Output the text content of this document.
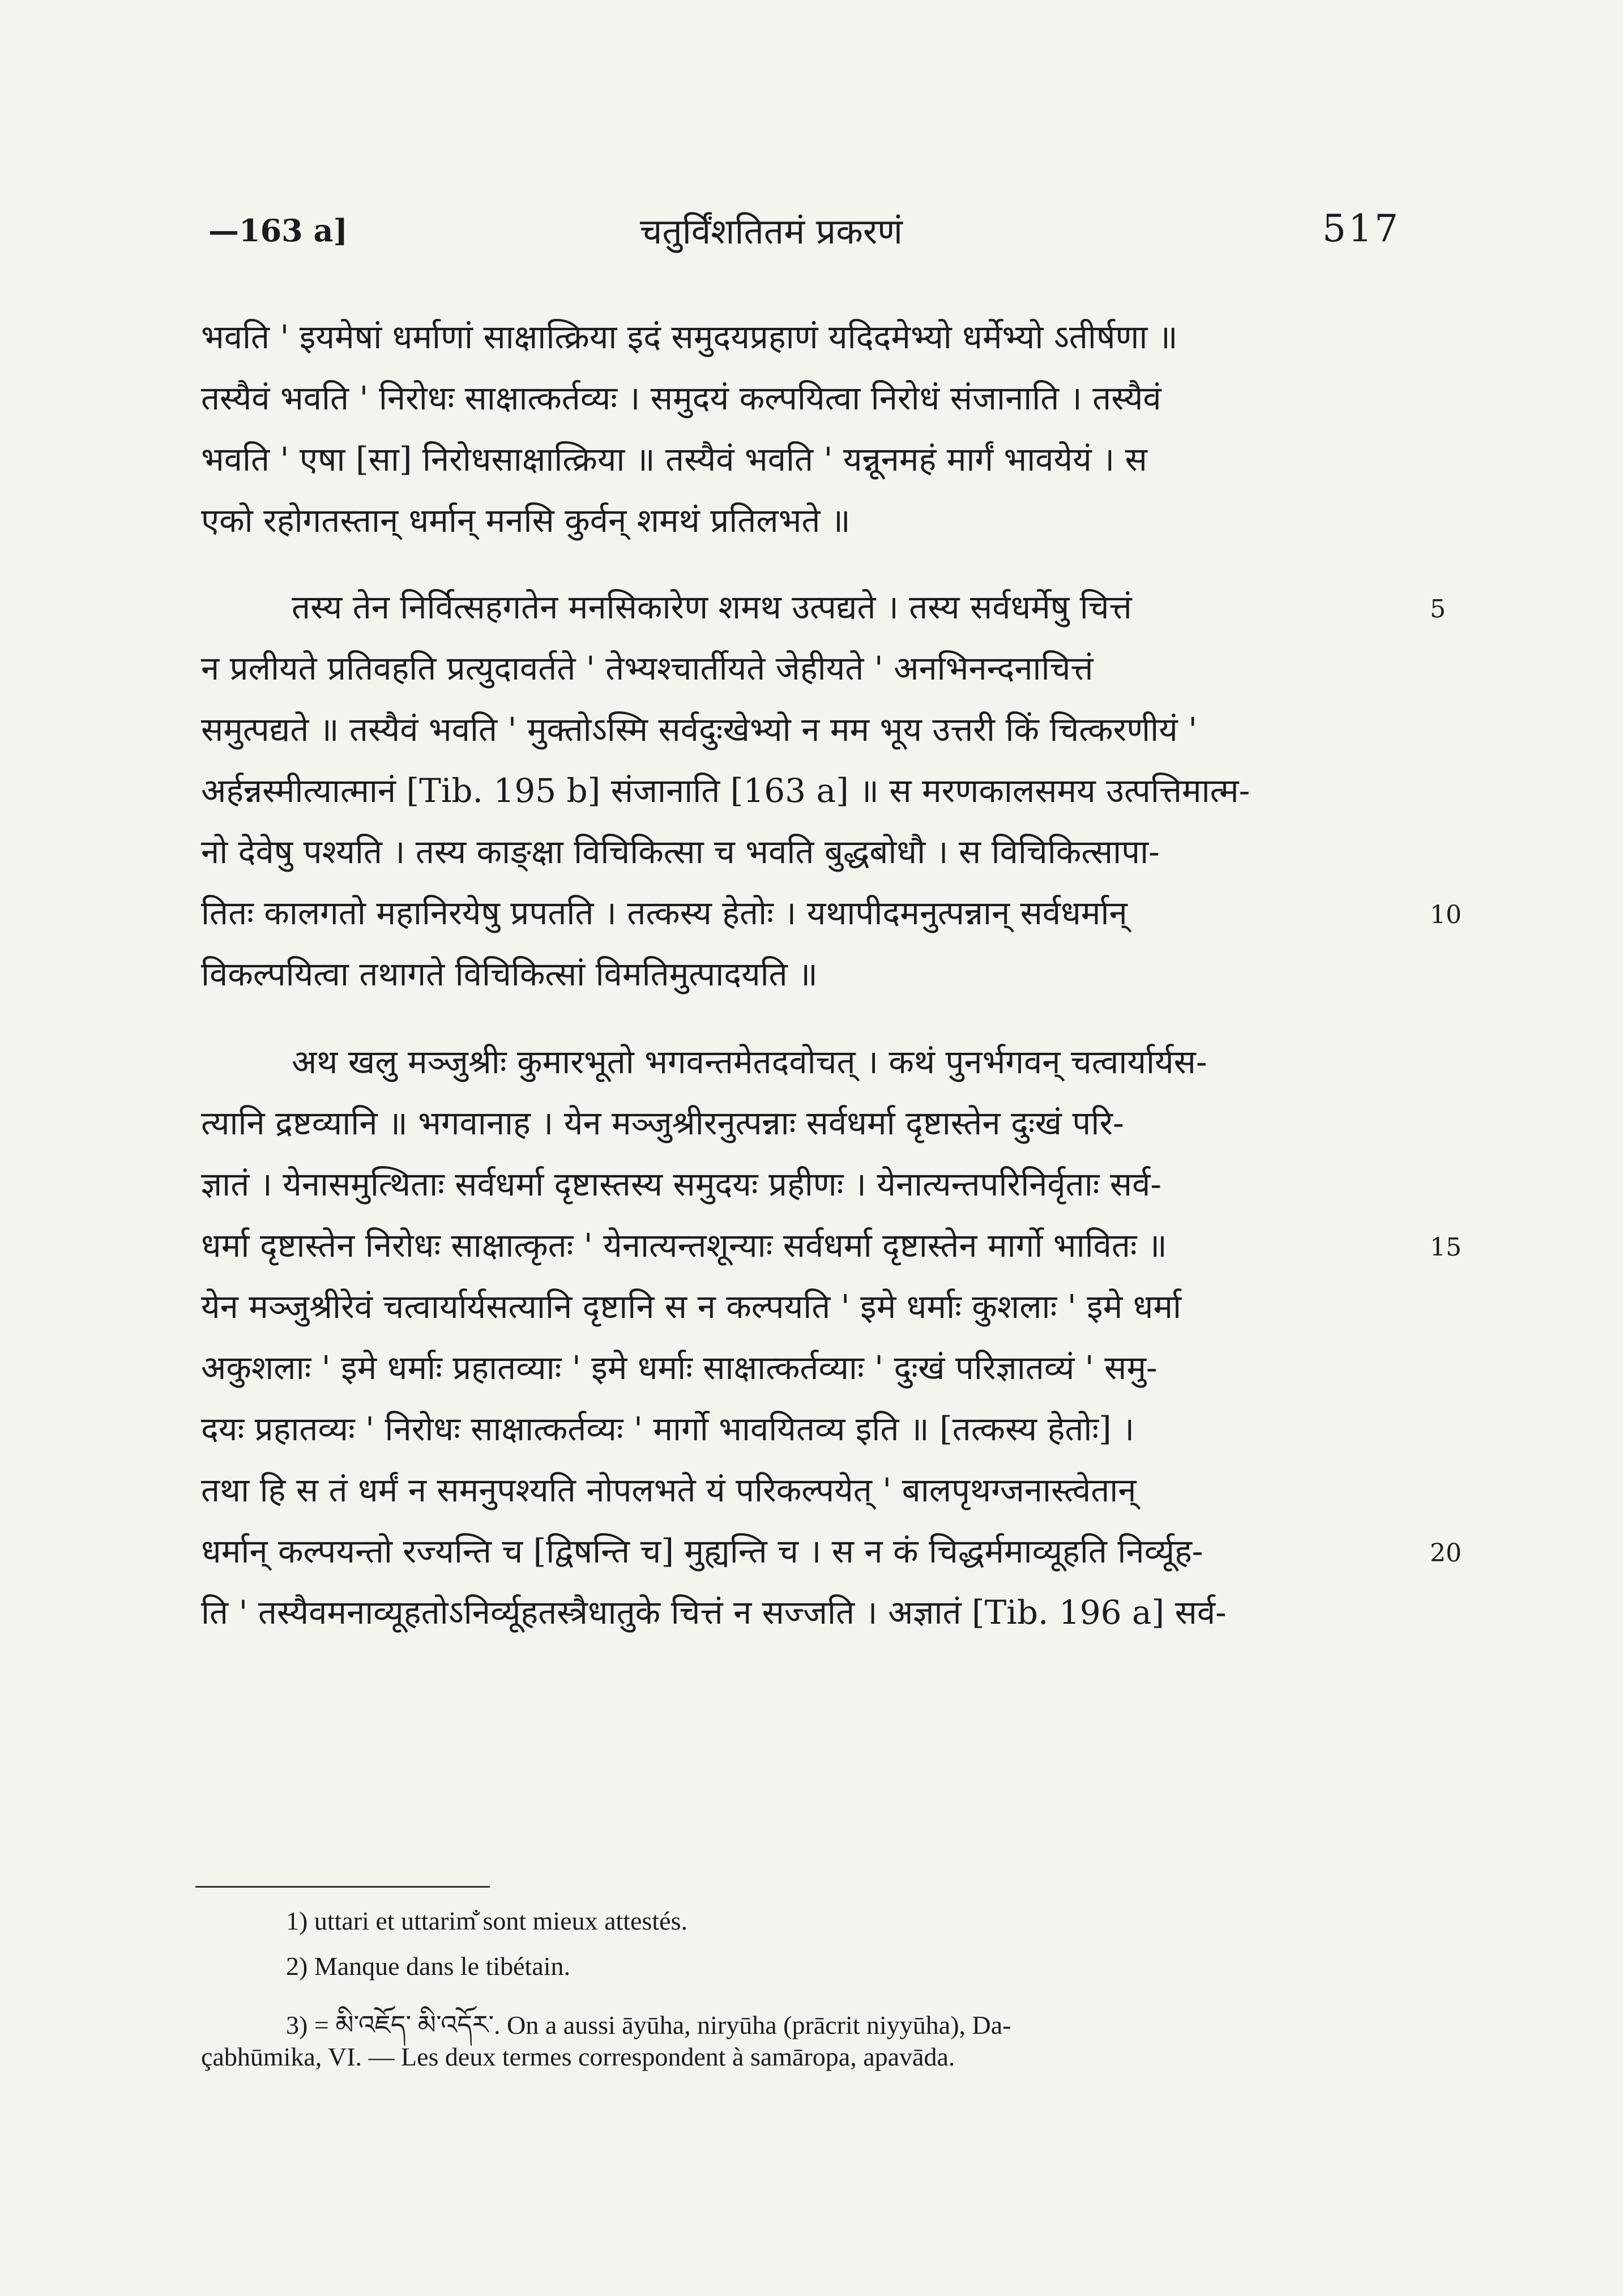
—163 a]	चतुर्विंशतितमं प्रकरणं	517
भवति ' इयमेषां धर्माणां साक्षात्क्रिया इदं समुदयप्रहाणं यदिदमेभ्यो धर्मेभ्यो ऽतीर्षणा ॥
तस्यैवं भवति ' निरोधः साक्षात्कर्तव्यः । समुदयं कल्पयित्वा निरोधं संजानाति । तस्यैवं
भवति ' एषा [सा] निरोधसाक्षात्क्रिया ॥ तस्यैवं भवति ' यन्नूनमहं मार्गं भावयेयं । स
एको रहोगतस्तान् धर्मान् मनसि कुर्वन् शमथं प्रतिलभते ॥
तस्य तेन निर्वित्सहगतेन मनसिकारेण शमथ उत्पद्यते । तस्य सर्वधर्मेषु चित्तं
न प्रलीयते प्रतिवहति प्रत्युदावर्तते ' तेभ्यश्चार्तीयते जेहीयते ' अनभिनन्दनाचित्तं
समुत्पद्यते ॥ तस्यैवं भवति ' मुक्तोऽस्मि सर्वदुःखेभ्यो न मम भूय उत्तरी किं चित्करणीयं '
अर्हन्नस्मीत्यात्मानं [Tib. 195 b] संजानाति [163 a] ॥ स मरणकालसमय उत्पत्तिमात्म-
नो देवेषु पश्यति । तस्य काङ्क्षा विचिकित्सा च भवति बुद्धबोधौ । स विचिकित्सापा-
तितः कालगतो महानिरयेषु प्रपतति । तत्कस्य हेतोः । यथापीदमनुत्पन्नान् सर्वधर्मान्
विकल्पयित्वा तथागते विचिकित्सां विमतिमुत्पादयति ॥
अथ खलु मञ्जुश्रीः कुमारभूतो भगवन्तमेतदवोचत् । कथं पुनर्भगवन् चत्वार्यार्यस-
त्यानि द्रष्टव्यानि ॥ भगवानाह । येन मञ्जुश्रीरनुत्पन्नाः सर्वधर्मा दृष्टास्तेन दुःखं परि-
ज्ञातं । येनासमुत्थिताः सर्वधर्मा दृष्टास्तस्य समुदयः प्रहीणः । येनात्यन्तपरिनिर्वृताः सर्व-
धर्मा दृष्टास्तेन निरोधः साक्षात्कृतः ' येनात्यन्तशून्याः सर्वधर्मा दृष्टास्तेन मार्गो भावितः ॥
येन मञ्जुश्रीरेवं चत्वार्यार्यसत्यानि दृष्टानि स न कल्पयति ' इमे धर्माः कुशलाः ' इमे धर्मा
अकुशलाः ' इमे धर्माः प्रहातव्याः ' इमे धर्माः साक्षात्कर्तव्याः ' दुःखं परिज्ञातव्यं ' समु-
दयः प्रहातव्यः ' निरोधः साक्षात्कर्तव्यः ' मार्गो भावयितव्य इति ॥ [तत्कस्य हेतोः] ।
तथा हि स तं धर्मं न समनुपश्यति नोपलभते यं परिकल्पयेत् ' बालपृथग्जनास्त्वेतान्
धर्मान् कल्पयन्तो रज्यन्ति च [द्विषन्ति च] मुह्यन्ति च । स न कं चिद्धर्ममाव्यूहति निर्व्यूह-
ति ' तस्यैवमनाव्यूहतोऽनिर्व्यूहतस्त्रैधातुके चित्तं न सज्जति । अज्ञातं [Tib. 196 a] सर्व-
5
10
15
20
1) uttari et uttarim̐ sont mieux attestés.
2) Manque dans le tibétain.
3) = མི་འཇོད་ མི་འདོར་. On a aussi āyūha, niryūha (prācrit niyyūha), Da-
çabhūmika, VI. — Les deux termes correspondent à samāropa, apavāda.
